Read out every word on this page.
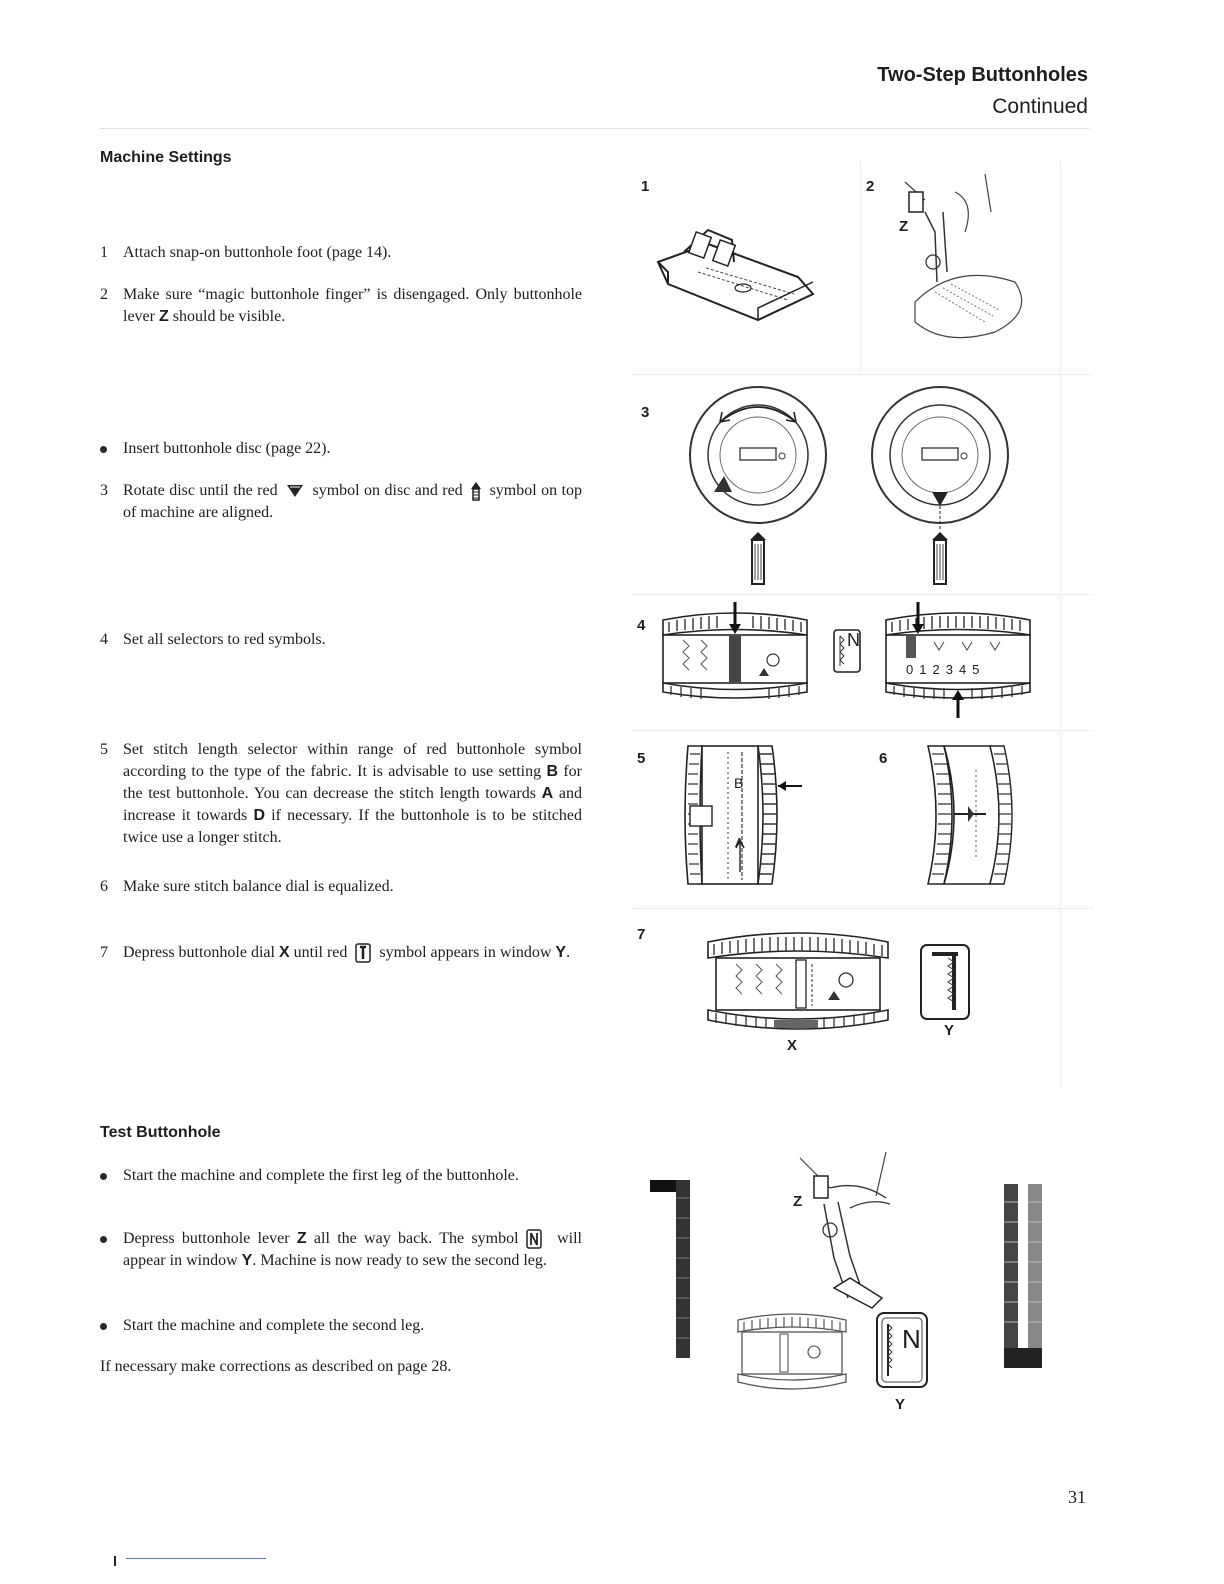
Two-Step Buttonholes
Continued
Machine Settings
1 Attach snap-on buttonhole foot (page 14).
2 Make sure “magic buttonhole finger” is disengaged. Only buttonhole lever Z should be visible.
Insert buttonhole disc (page 22).
3 Rotate disc until the red  symbol on disc and red  symbol on top of machine are aligned.
4 Set all selectors to red symbols.
5 Set stitch length selector within range of red buttonhole symbol according to the type of the fabric. It is advisable to use setting B for the test buttonhole. You can decrease the stitch length towards A and increase it towards D if necessary. If the buttonhole is to be stitched twice use a longer stitch.
6 Make sure stitch balance dial is equalized.
7 Depress buttonhole dial X until red  symbol appears in window Y.
Test Buttonhole
Start the machine and complete the first leg of the buttonhole.
Depress buttonhole lever Z all the way back. The symbol  will appear in window Y. Machine is now ready to sew the second leg.
Start the machine and complete the second leg.
If necessary make corrections as described on page 28.
1	2
Z
3
4
N
012345
5
B
A
6
7
X
Y
Z
N
Y
31
